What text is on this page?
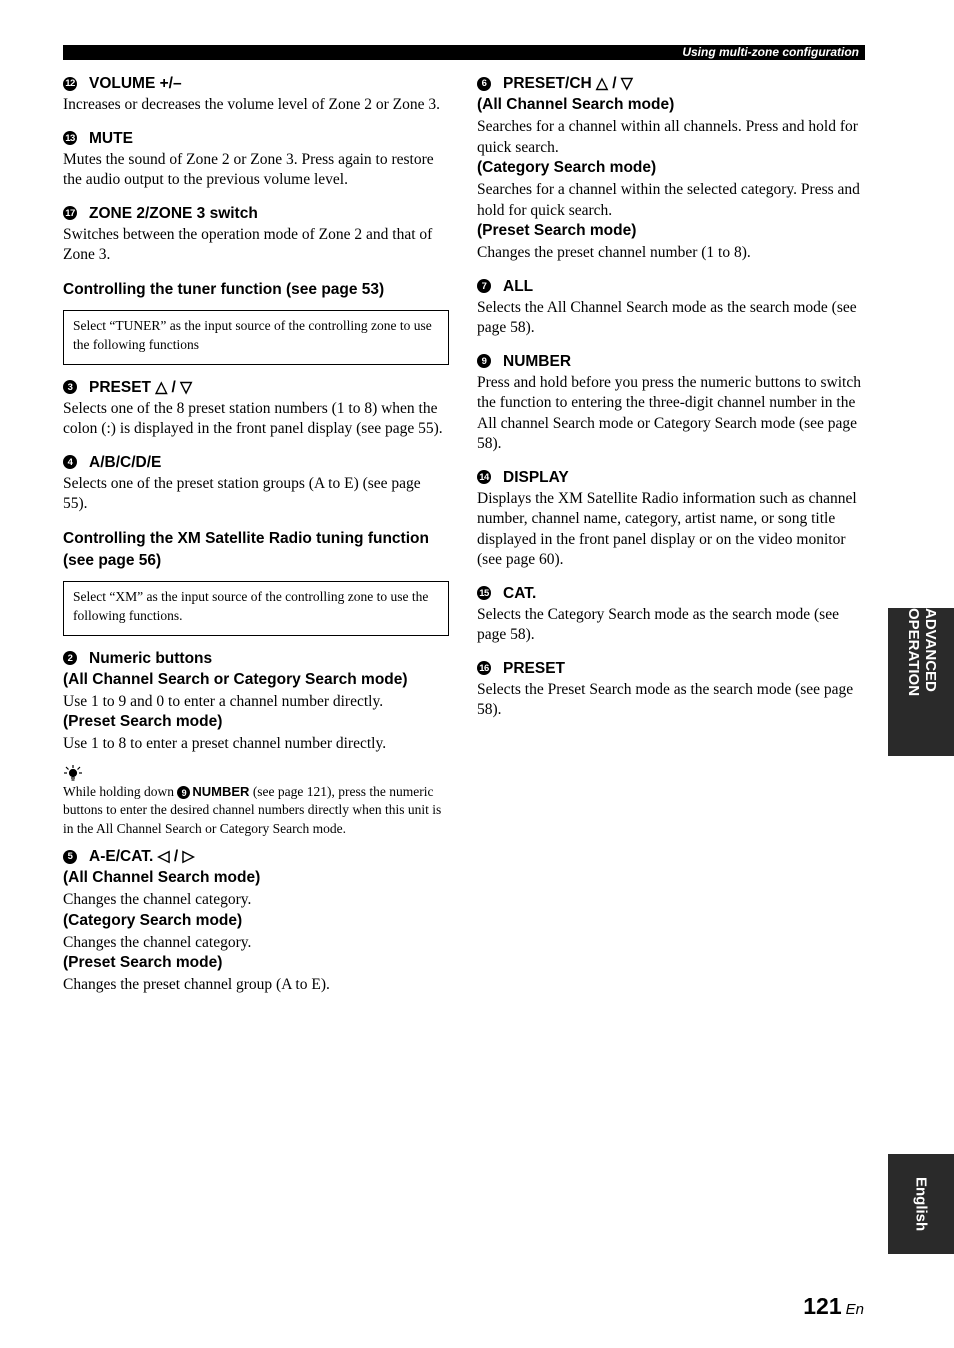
Using multi-zone configuration

12 VOLUME +/–

Increases or decreases the volume level of Zone 2 or Zone 3.

13 MUTE

Mutes the sound of Zone 2 or Zone 3. Press again to restore the audio output to the previous volume level.

17 ZONE 2/ZONE 3 switch

Switches between the operation mode of Zone 2 and that of Zone 3.

Controlling the tuner function (see page 53)

Select “TUNER” as the input source of the controlling zone to use the following functions

3 PRESET △ / ▽

Selects one of the 8 preset station numbers (1 to 8) when the colon (:) is displayed in the front panel display (see page 55).

4 A/B/C/D/E

Selects one of the preset station groups (A to E) (see page 55).

Controlling the XM Satellite Radio tuning function (see page 56)

Select “XM” as the input source of the controlling zone to use the following functions.

2 Numeric buttons

(All Channel Search or Category Search mode)

Use 1 to 9 and 0 to enter a channel number directly.

(Preset Search mode)

Use 1 to 8 to enter a preset channel number directly.

While holding down 9 NUMBER (see page 121), press the numeric buttons to enter the desired channel numbers directly when this unit is in the All Channel Search or Category Search mode.

5 A-E/CAT. ◁ / ▷

(All Channel Search mode)

Changes the channel category.

(Category Search mode)

Changes the channel category.

(Preset Search mode)

Changes the preset channel group (A to E).

6 PRESET/CH △ / ▽

(All Channel Search mode)

Searches for a channel within all channels. Press and hold for quick search.

(Category Search mode)

Searches for a channel within the selected category. Press and hold for quick search.

(Preset Search mode)

Changes the preset channel number (1 to 8).

7 ALL

Selects the All Channel Search mode as the search mode (see page 58).

9 NUMBER

Press and hold before you press the numeric buttons to switch the function to entering the three-digit channel number in the All channel Search mode or Category Search mode (see page 58).

14 DISPLAY

Displays the XM Satellite Radio information such as channel number, channel name, category, artist name, or song title displayed in the front panel display or on the video monitor (see page 60).

15 CAT.

Selects the Category Search mode as the search mode (see page 58).

16 PRESET

Selects the Preset Search mode as the search mode (see page 58).

ADVANCED OPERATION
English
121 En
